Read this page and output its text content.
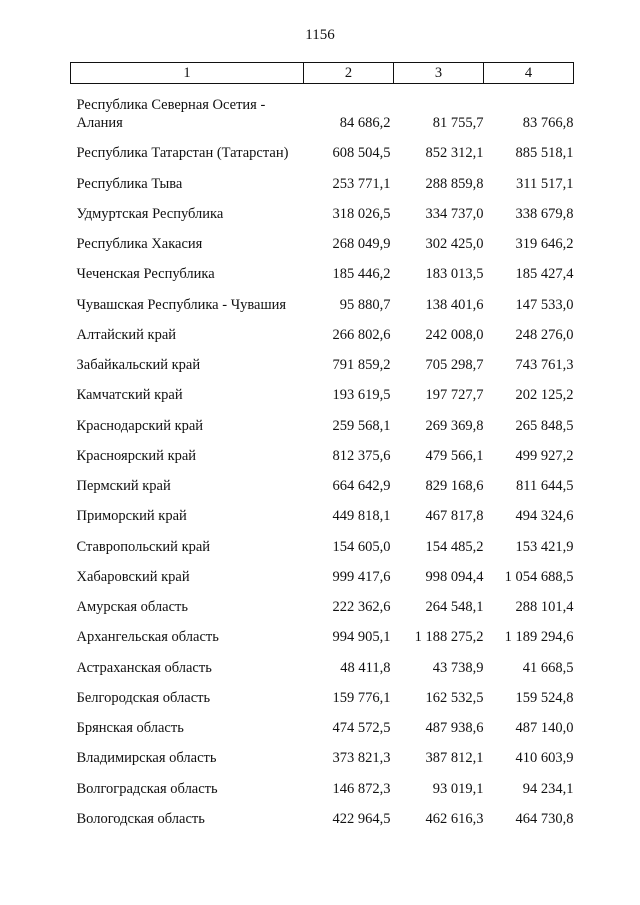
1156
1	2	3	4
Республика Северная Осетия - Алания	84 686,2	81 755,7	83 766,8
Республика Татарстан (Татарстан)	608 504,5	852 312,1	885 518,1
Республика Тыва	253 771,1	288 859,8	311 517,1
Удмуртская Республика	318 026,5	334 737,0	338 679,8
Республика Хакасия	268 049,9	302 425,0	319 646,2
Чеченская Республика	185 446,2	183 013,5	185 427,4
Чувашская Республика - Чувашия	95 880,7	138 401,6	147 533,0
Алтайский край	266 802,6	242 008,0	248 276,0
Забайкальский край	791 859,2	705 298,7	743 761,3
Камчатский край	193 619,5	197 727,7	202 125,2
Краснодарский край	259 568,1	269 369,8	265 848,5
Красноярский край	812 375,6	479 566,1	499 927,2
Пермский край	664 642,9	829 168,6	811 644,5
Приморский край	449 818,1	467 817,8	494 324,6
Ставропольский край	154 605,0	154 485,2	153 421,9
Хабаровский край	999 417,6	998 094,4	1 054 688,5
Амурская область	222 362,6	264 548,1	288 101,4
Архангельская область	994 905,1	1 188 275,2	1 189 294,6
Астраханская область	48 411,8	43 738,9	41 668,5
Белгородская область	159 776,1	162 532,5	159 524,8
Брянская область	474 572,5	487 938,6	487 140,0
Владимирская область	373 821,3	387 812,1	410 603,9
Волгоградская область	146 872,3	93 019,1	94 234,1
Вологодская область	422 964,5	462 616,3	464 730,8
